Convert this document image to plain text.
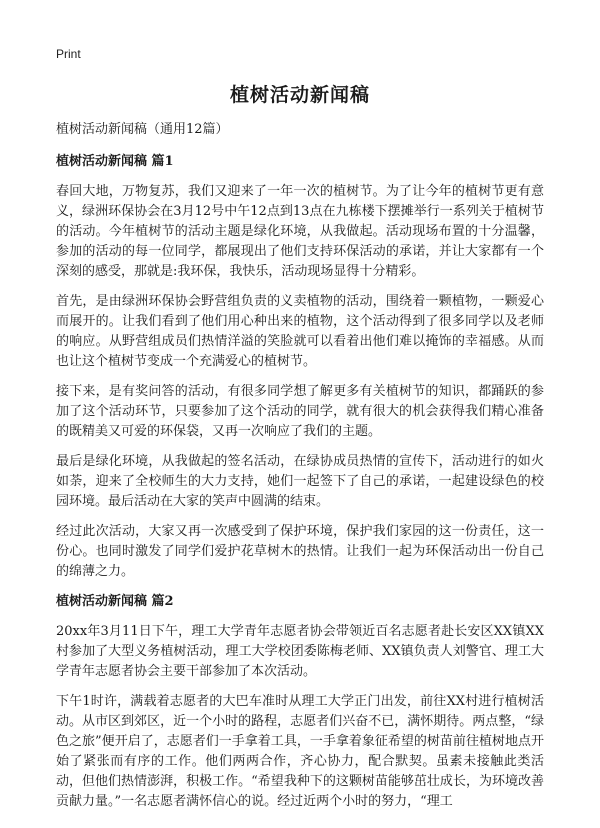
Print
植树活动新闻稿
植树活动新闻稿（通用12篇）
植树活动新闻稿 篇1

春回大地，万物复苏，我们又迎来了一年一次的植树节。为了让今年的植树节更有意义，绿洲环保协会在3月12号中午12点到13点在九栋楼下摆摊举行一系列关于植树节的活动。今年植树节的活动主题是绿化环境，从我做起。活动现场布置的十分温馨，参加的活动的每一位同学，都展现出了他们支持环保活动的承诺，并让大家都有一个深刻的感受，那就是:我环保，我快乐，活动现场显得十分精彩。

首先，是由绿洲环保协会野营组负责的义卖植物的活动，围绕着一颗植物，一颗爱心而展开的。让我们看到了他们用心种出来的植物，这个活动得到了很多同学以及老师的响应。从野营组成员们热情洋溢的笑脸就可以看着出他们难以掩饰的幸福感。从而也让这个植树节变成一个充满爱心的植树节。

接下来，是有奖问答的活动，有很多同学想了解更多有关植树节的知识，都踊跃的参加了这个活动环节，只要参加了这个活动的同学，就有很大的机会获得我们精心准备的既精美又可爱的环保袋，又再一次响应了我们的主题。

最后是绿化环境，从我做起的签名活动，在绿协成员热情的宣传下，活动进行的如火如荼，迎来了全校师生的大力支持，她们一起签下了自己的承诺，一起建设绿色的校园环境。最后活动在大家的笑声中圆满的结束。

经过此次活动，大家又再一次感受到了保护环境，保护我们家园的这一份责任，这一份心。也同时激发了同学们爱护花草树木的热情。让我们一起为环保活动出一份自己的绵薄之力。

植树活动新闻稿 篇2

20xx年3月11日下午，理工大学青年志愿者协会带领近百名志愿者赴长安区XX镇XX村参加了大型义务植树活动，理工大学校团委陈梅老师、XX镇负责人刘警官、理工大学青年志愿者协会主要干部参加了本次活动。

下午1时许，满载着志愿者的大巴车准时从理工大学正门出发，前往XX村进行植树活动。从市区到郊区，近一个小时的路程，志愿者们兴奋不已，满怀期待。两点整，“绿色之旅”便开启了，志愿者们一手拿着工具，一手拿着象征希望的树苗前往植树地点开始了紧张而有序的工作。他们两两合作，齐心协力，配合默契。虽素未接触此类活动，但他们热情澎湃，积极工作。“希望我种下的这颗树苗能够茁壮成长，为环境改善贡献力量。”一名志愿者满怀信心的说。经过近两个小时的努力，“理工
